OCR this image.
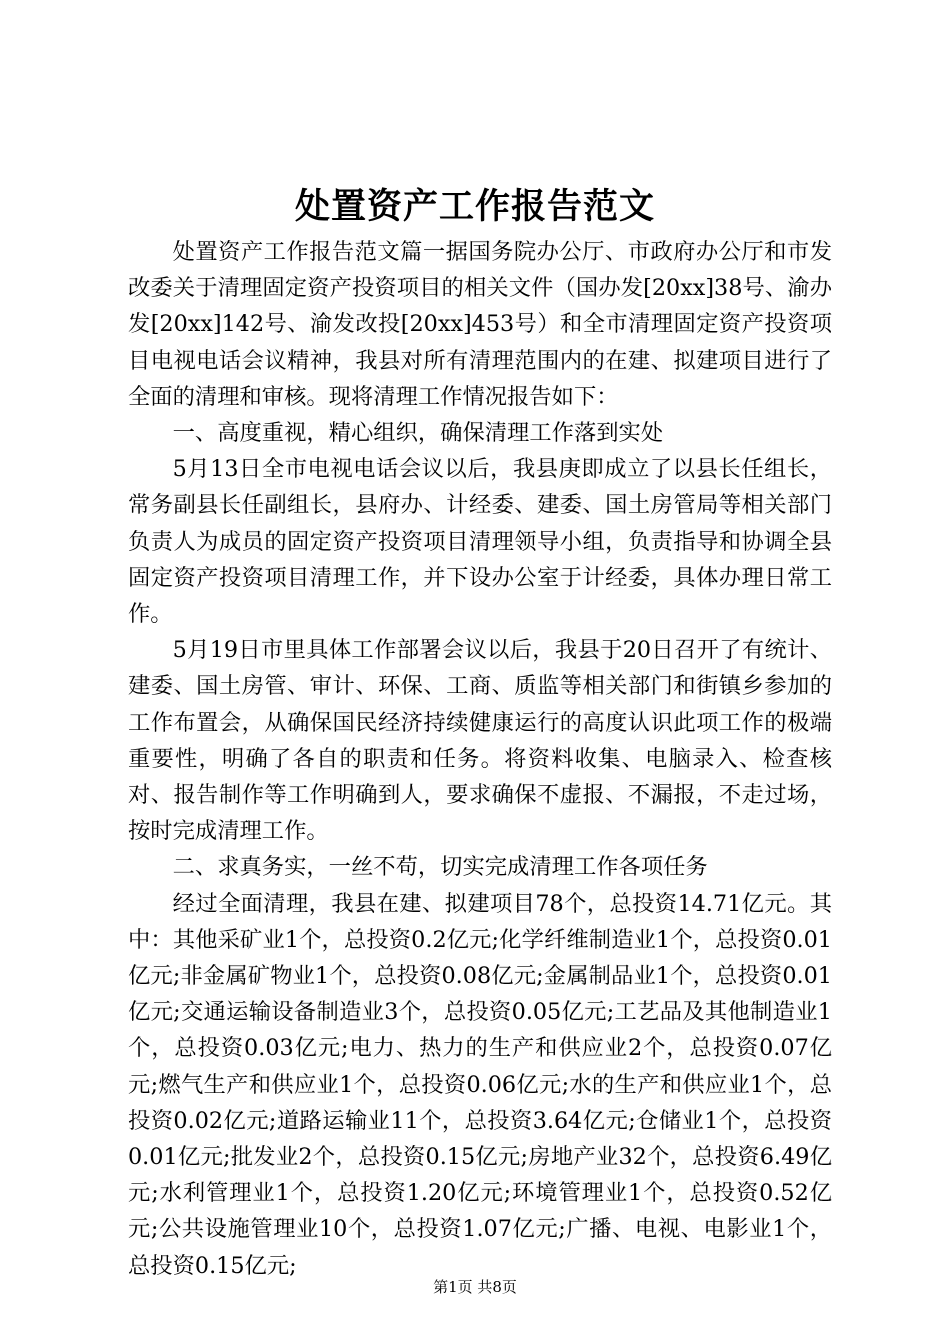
处置资产工作报告范文

处置资产工作报告范文篇一据国务院办公厅、市政府办公厅和市发改委关于清理固定资产投资项目的相关文件（国办发[20xx]38号、渝办发[20xx]142号、渝发改投[20xx]453号）和全市清理固定资产投资项目电视电话会议精神，我县对所有清理范围内的在建、拟建项目进行了全面的清理和审核。现将清理工作情况报告如下：

一、高度重视，精心组织，确保清理工作落到实处

5月13日全市电视电话会议以后，我县庚即成立了以县长任组长，常务副县长任副组长，县府办、计经委、建委、国土房管局等相关部门负责人为成员的固定资产投资项目清理领导小组，负责指导和协调全县固定资产投资项目清理工作，并下设办公室于计经委，具体办理日常工作。

5月19日市里具体工作部署会议以后，我县于20日召开了有统计、建委、国土房管、审计、环保、工商、质监等相关部门和街镇乡参加的工作布置会，从确保国民经济持续健康运行的高度认识此项工作的极端重要性，明确了各自的职责和任务。将资料收集、电脑录入、检查核对、报告制作等工作明确到人，要求确保不虚报、不漏报，不走过场，按时完成清理工作。

二、求真务实，一丝不苟，切实完成清理工作各项任务

经过全面清理，我县在建、拟建项目78个，总投资14.71亿元。其中：其他采矿业1个，总投资0.2亿元;化学纤维制造业1个，总投资0.01亿元;非金属矿物业1个，总投资0.08亿元;金属制品业1个，总投资0.01亿元;交通运输设备制造业3个，总投资0.05亿元;工艺品及其他制造业1个，总投资0.03亿元;电力、热力的生产和供应业2个，总投资0.07亿元;燃气生产和供应业1个，总投资0.06亿元;水的生产和供应业1个，总投资0.02亿元;道路运输业11个，总投资3.64亿元;仓储业1个，总投资0.01亿元;批发业2个，总投资0.15亿元;房地产业32个，总投资6.49亿元;水利管理业1个，总投资1.20亿元;环境管理业1个，总投资0.52亿元;公共设施管理业10个，总投资1.07亿元;广播、电视、电影业1个，总投资0.15亿元;

第1页 共8页
